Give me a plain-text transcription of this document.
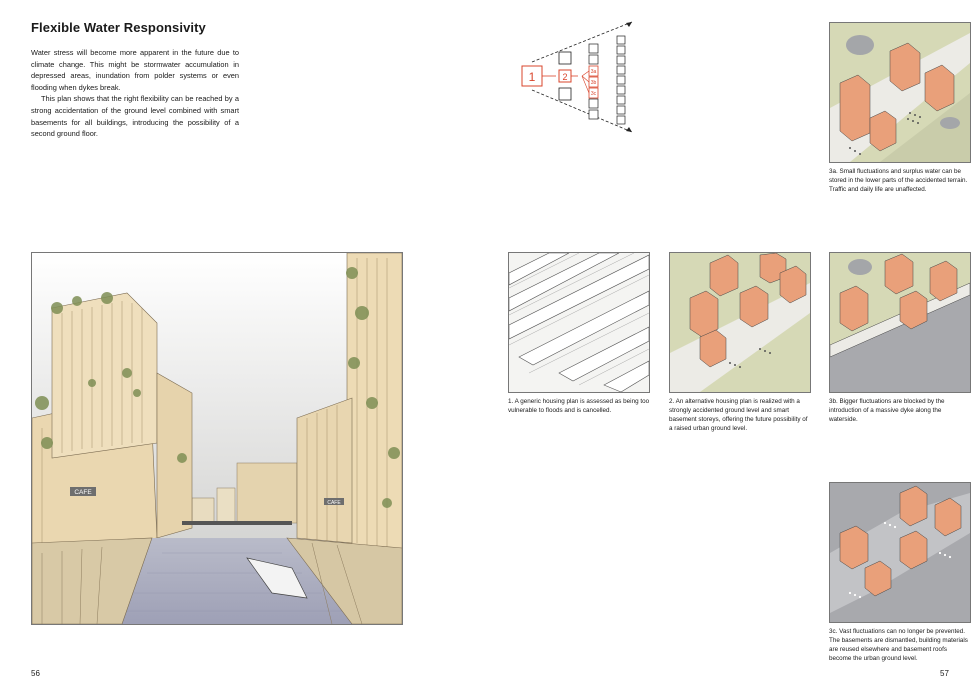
Flexible Water Responsivity

Water stress will become more apparent in the future due to climate change. This might be stormwater accumulation in depressed areas, inundation from polder systems or even flooding when dykes break.

This plan shows that the right flexibility can be reached by a strong accidentation of the ground level combined with smart basements for all buildings, introducing the possibility of a second ground floor.

CAFE
CAFE
56
1	2	3a
3b
3c
3a. Small fluctuations and surplus water can be stored in the lower parts of the accidented terrain. Traffic and daily life are unaffected.
1. A generic housing plan is assessed as being too vulnerable to floods and is cancelled.
2. An alternative housing plan is realized with a strongly accidented ground level and smart basement storeys, offering the future possibility of a raised urban ground level.
3b. Bigger fluctuations are blocked by the introduction of a massive dyke along the waterside.
3c. Vast fluctuations can no longer be prevented. The basements are dismantled, building materials are reused elsewhere and basement roofs become the urban ground level.
57
